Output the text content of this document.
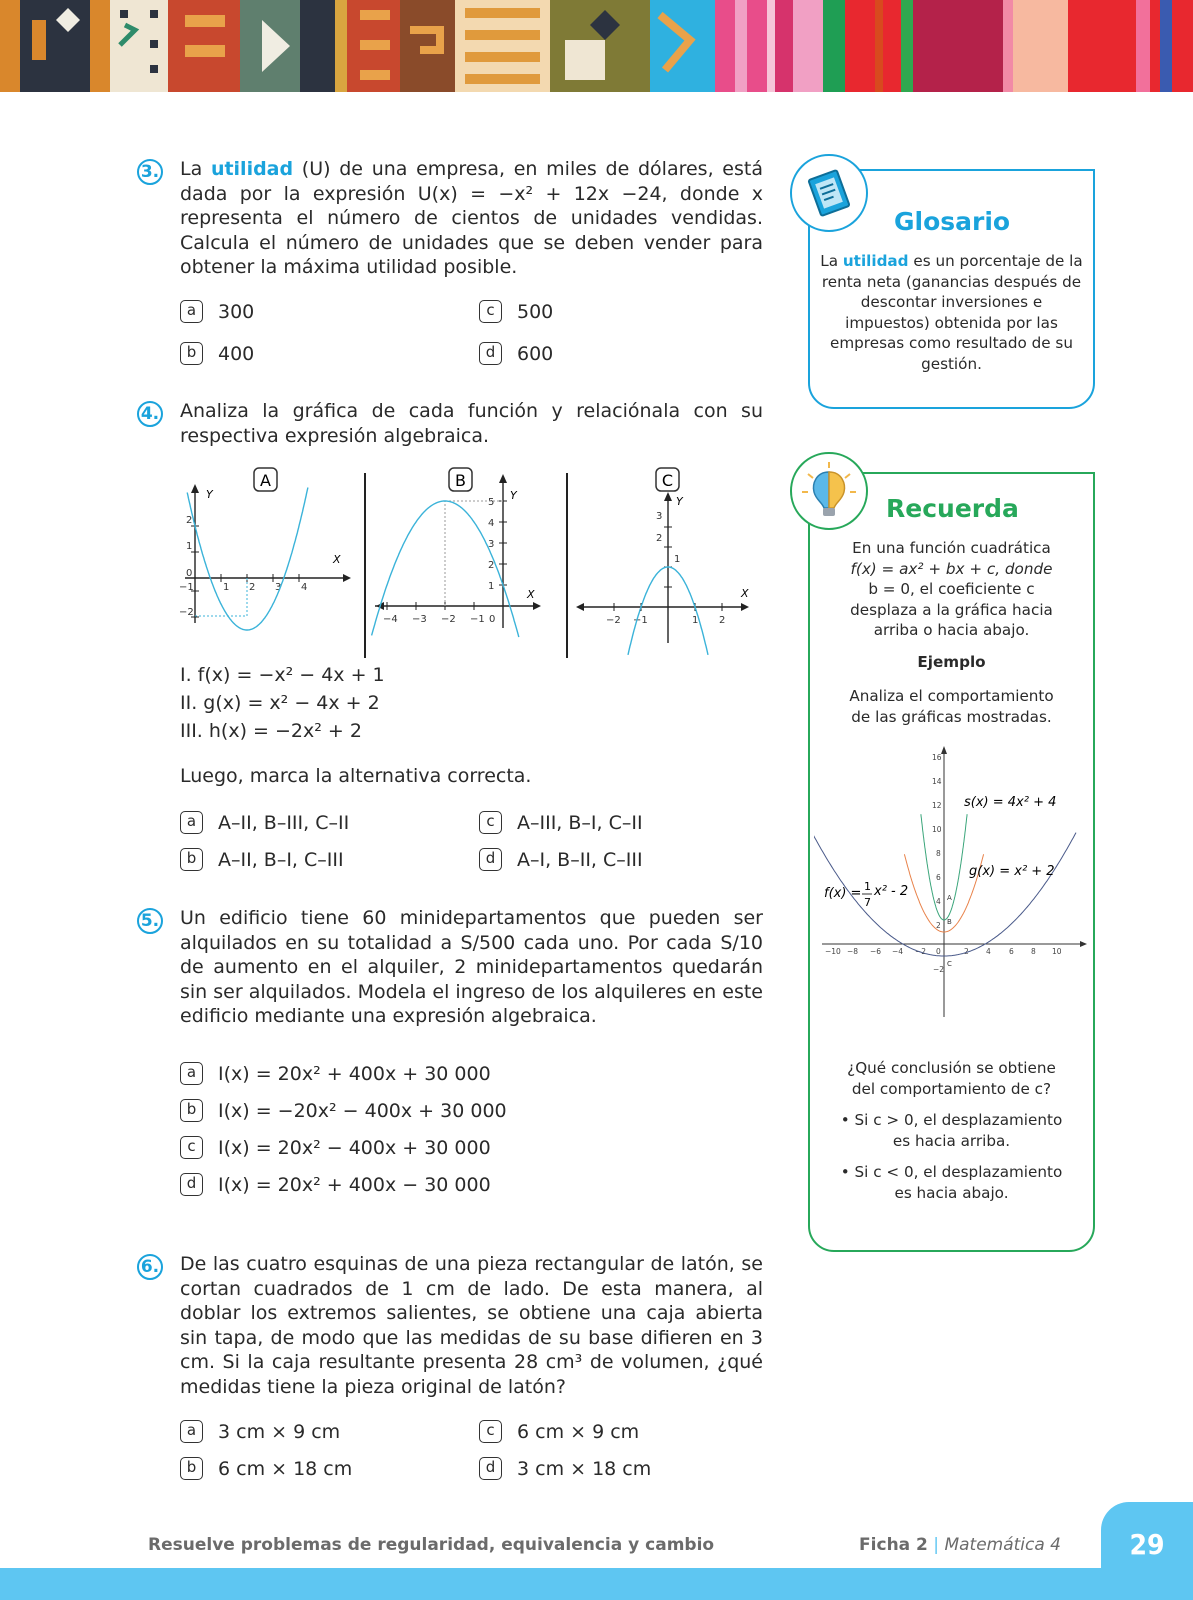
3. La utilidad (U) de una empresa, en miles de dólares, está dada por la expresión U(x) = −x² + 12x −24, donde x representa el número de cientos de unidades vendidas. Calcula el número de unidades que se deben vender para obtener la máxima utilidad posible.

a	300
b	400
c	500
d	600
4. Analiza la gráfica de cada función y relaciónala con su respectiva expresión algebraica.

A	B	C
Y
X
1 2 3 4
2
1
0
−1
−2
Y
X
−4 −3 −2 −1 0
5
4
3
2
1
Y
X
−2 −1	1 2
3
2
1
I. f(x) = −x² − 4x + 1
II. g(x) = x² − 4x + 2
III. h(x) = −2x² + 2
Luego, marca la alternativa correcta.
a	A–II, B–III, C–II
b	A–II, B–I, C–III
c	A–III, B–I, C–II
d	A–I, B–II, C–III
5. Un edificio tiene 60 minidepartamentos que pueden ser alquilados en su totalidad a S/500 cada uno. Por cada S/10 de aumento en el alquiler, 2 minidepartamentos quedarán sin ser alquilados. Modela el ingreso de los alquileres en este edificio mediante una expresión algebraica.

a	I(x) = 20x² + 400x + 30 000
b	I(x) = −20x² − 400x + 30 000
c	I(x) = 20x² − 400x + 30 000
d	I(x) = 20x² + 400x − 30 000
6. De las cuatro esquinas de una pieza rectangular de latón, se cortan cuadrados de 1 cm de lado. De esta manera, al doblar los extremos salientes, se obtiene una caja abierta sin tapa, de modo que las medidas de su base difieren en 3 cm. Si la caja resultante presenta 28 cm³ de volumen, ¿qué medidas tiene la pieza original de latón?

a	3 cm × 9 cm
b	6 cm × 18 cm
c	6 cm × 9 cm
d	3 cm × 18 cm
Glosario
La utilidad es un porcentaje de la renta neta (ganancias después de descontar inversiones e impuestos) obtenida por las empresas como resultado de su gestión.
Recuerda
En una función cuadrática
f(x) = ax² + bx + c, donde
b = 0, el coeficiente c
desplaza a la gráfica hacia
arriba o hacia abajo.
Ejemplo
Analiza el comportamiento
de las gráficas mostradas.
−10 −8 −6 −4 −2 0	2 4 6 8 10
16
14
12
10
8
6
4
2
−2
A
B
C
s(x) = 4x² + 4
g(x) = x² + 2
f(x) = 1
7
x² - 2
¿Qué conclusión se obtiene
del comportamiento de c?
• Si c > 0, el desplazamiento
es hacia arriba.
• Si c < 0, el desplazamiento
es hacia abajo.
Resuelve problemas de regularidad, equivalencia y cambio	Ficha 2 | Matemática 4	29
